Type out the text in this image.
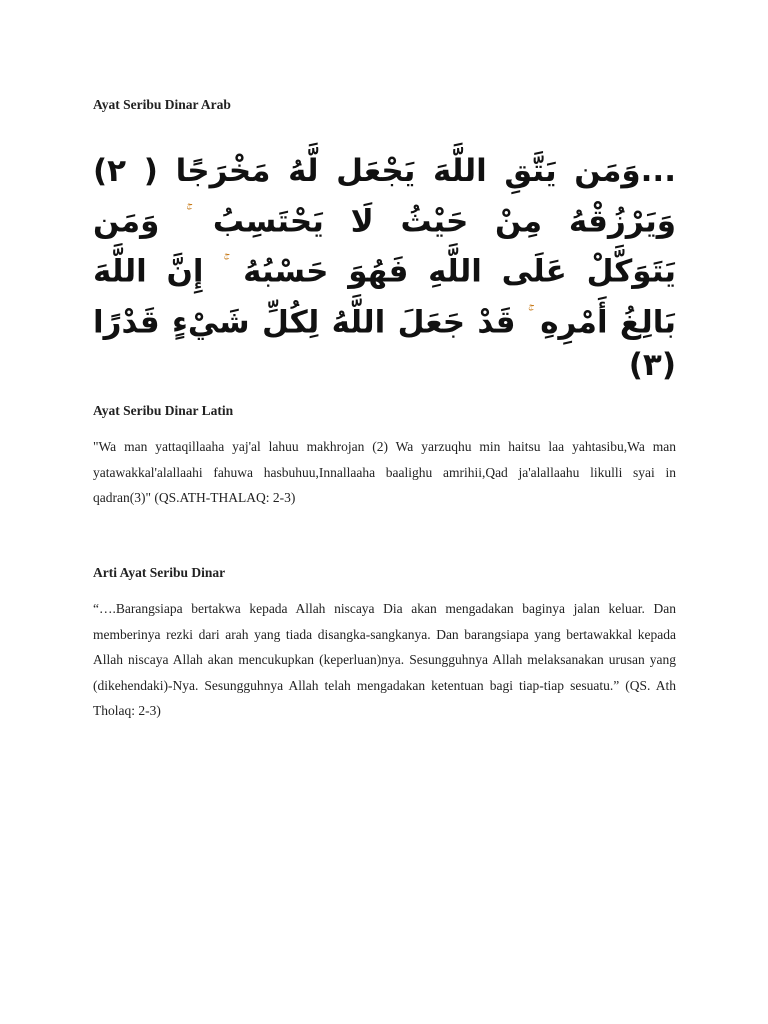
Ayat Seribu Dinar Arab
...وَمَن يَتَّقِ اللَّهَ يَجْعَل لَّهُ مَخْرَجًا ( ٢) وَيَرْزُقْهُ مِنْ حَيْثُ لَا يَحْتَسِبُ وَمَن يَتَوَكَّلْ عَلَى اللَّهِ فَهُوَ حَسْبُهُ إِنَّ اللَّهَ بَالِغُ أَمْرِهِ قَدْ جَعَلَ اللَّهُ لِكُلِّ شَيْءٍ قَدْرًا (٣)
Ayat Seribu Dinar Latin

"Wa man yattaqillaaha yaj'al lahuu makhrojan (2) Wa yarzuqhu min haitsu laa yahtasibu,Wa man yatawakkal'alallaahi fahuwa hasbuhuu,Innallaaha baalighu amrihii,Qad ja'alallaahu likulli syai in qadran(3)" (QS.ATH-THALAQ: 2-3)

Arti Ayat Seribu Dinar

“….Barangsiapa bertakwa kepada Allah niscaya Dia akan mengadakan baginya jalan keluar. Dan memberinya rezki dari arah yang tiada disangka-sangkanya. Dan barangsiapa yang bertawakkal kepada Allah niscaya Allah akan mencukupkan (keperluan)nya. Sesungguhnya Allah melaksanakan urusan yang (dikehendaki)-Nya. Sesungguhnya Allah telah mengadakan ketentuan bagi tiap-tiap sesuatu.” (QS. Ath Tholaq: 2-3)
